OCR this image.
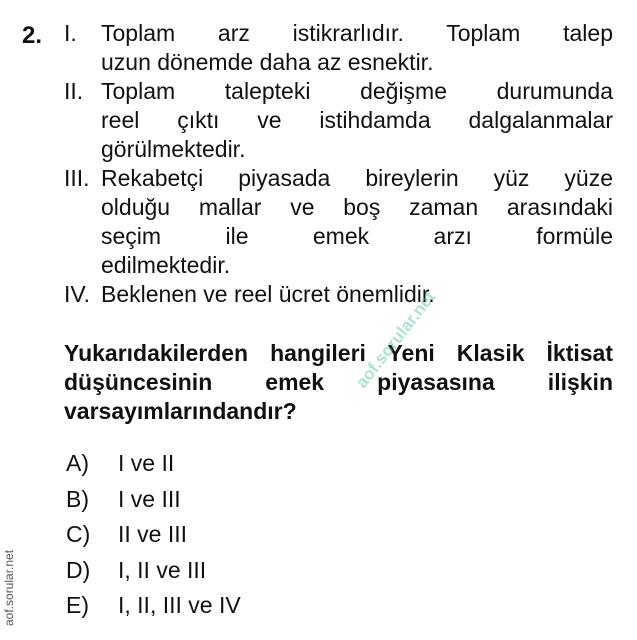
2. I.	Toplam arz istikrarlıdır. Toplam talep
uzun dönemde daha az esnektir.
II. Toplam talepteki değişme durumunda
reel çıktı ve istihdamda dalgalanmalar
görülmektedir.
III. Rekabetçi piyasada bireylerin yüz yüze
olduğu mallar ve boş zaman arasındaki
seçim ile emek arzı formüle
edilmektedir.
IV. Beklenen ve reel ücret önemlidir.
Yukarıdakilerden hangileri Yeni Klasik İktisat
düşüncesinin emek piyasasına ilişkin
varsayımlarındandır?
A)	I ve II
B)	I ve III
C)	II ve III
D)	I, II ve III
E)	I, II, III ve IV
aof.sorular.net
aof.sorular.net
